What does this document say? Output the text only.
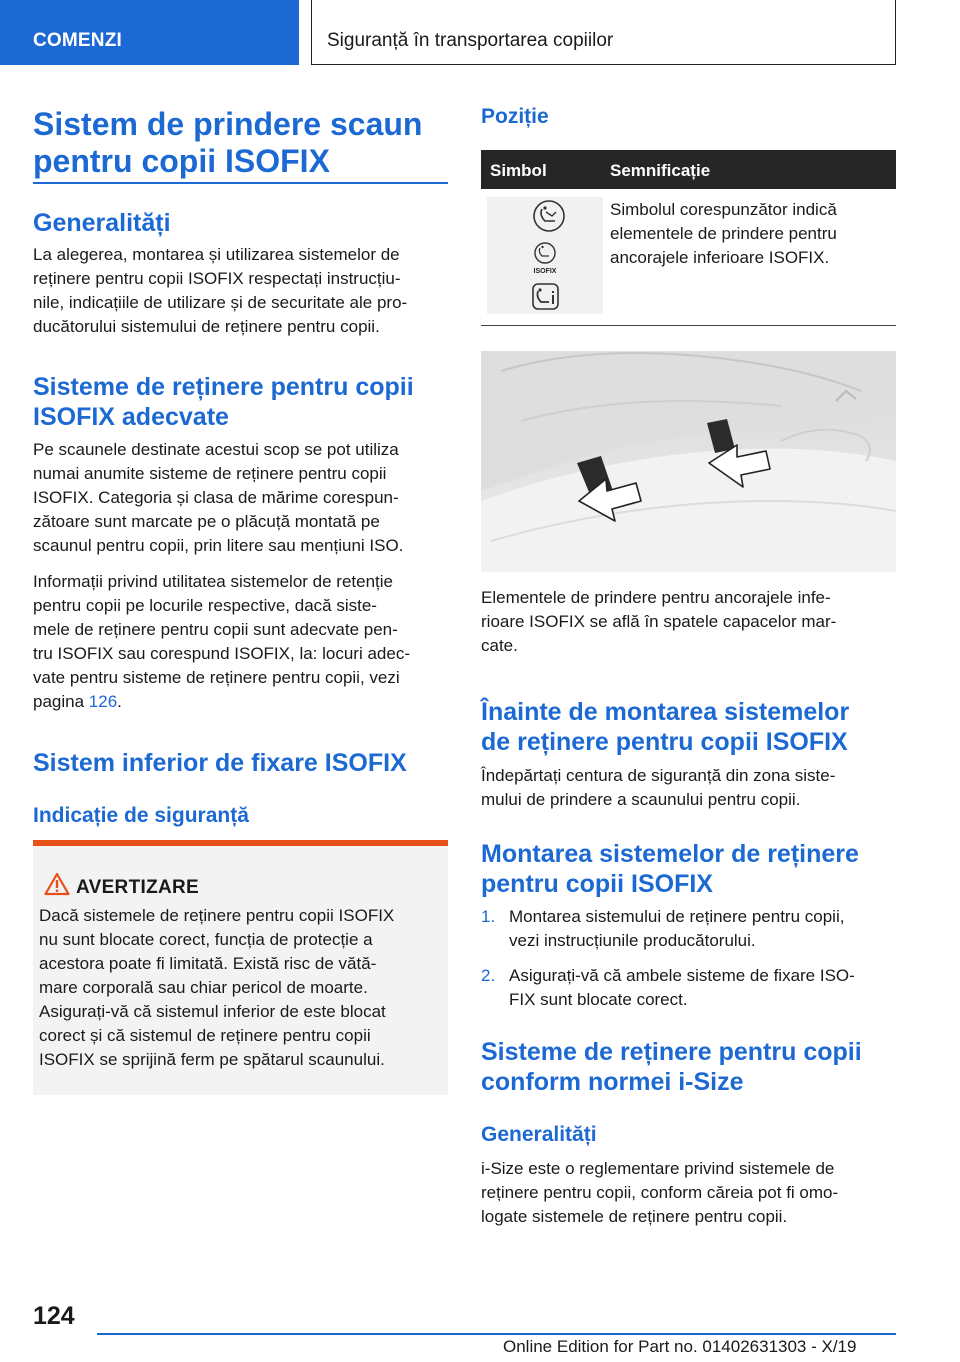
COMENZI	Siguranță în transportarea copiilor
Sistem de prindere scaun
pentru copii ISOFIX
Generalități
La alegerea, montarea și utilizarea sistemelor de
reținere pentru copii ISOFIX respectați instrucțiu-
nile, indicațiile de utilizare și de securitate ale pro-
ducătorului sistemului de reținere pentru copii.
Sisteme de reținere pentru copii
ISOFIX adecvate
Pe scaunele destinate acestui scop se pot utiliza
numai anumite sisteme de reținere pentru copii
ISOFIX. Categoria și clasa de mărime corespun-
zătoare sunt marcate pe o plăcuță montată pe
scaunul pentru copii, prin litere sau mențiuni ISO.
Informații privind utilitatea sistemelor de retenție
pentru copii pe locurile respective, dacă siste-
mele de reținere pentru copii sunt adecvate pen-
tru ISOFIX sau corespund ISOFIX, la: locuri adec-
vate pentru sisteme de reținere pentru copii, vezi
pagina 126.
Sistem inferior de fixare ISOFIX
Indicație de siguranță
AVERTIZARE
Dacă sistemele de reținere pentru copii ISOFIX
nu sunt blocate corect, funcția de protecție a
acestora poate fi limitată. Există risc de vătă-
mare corporală sau chiar pericol de moarte.
Asigurați-vă că sistemul inferior de este blocat
corect și că sistemul de reținere pentru copii
ISOFIX se sprijină ferm pe spătarul scaunului.
Poziție
Simbol	Semnificație
ISOFIX
Simbolul corespunzător indică
elementele de prindere pentru
ancorajele inferioare ISOFIX.
Elementele de prindere pentru ancorajele infe-
rioare ISOFIX se află în spatele capacelor mar-
cate.
Înainte de montarea sistemelor
de reținere pentru copii ISOFIX
Îndepărtați centura de siguranță din zona siste-
mului de prindere a scaunului pentru copii.
Montarea sistemelor de reținere
pentru copii ISOFIX
1. Montarea sistemului de reținere pentru copii,
vezi instrucțiunile producătorului.
2. Asigurați-vă că ambele sisteme de fixare ISO-
FIX sunt blocate corect.
Sisteme de reținere pentru copii
conform normei i-Size
Generalități
i-Size este o reglementare privind sistemele de
reținere pentru copii, conform căreia pot fi omo-
logate sistemele de reținere pentru copii.
124
Online Edition for Part no. 01402631303 - X/19
